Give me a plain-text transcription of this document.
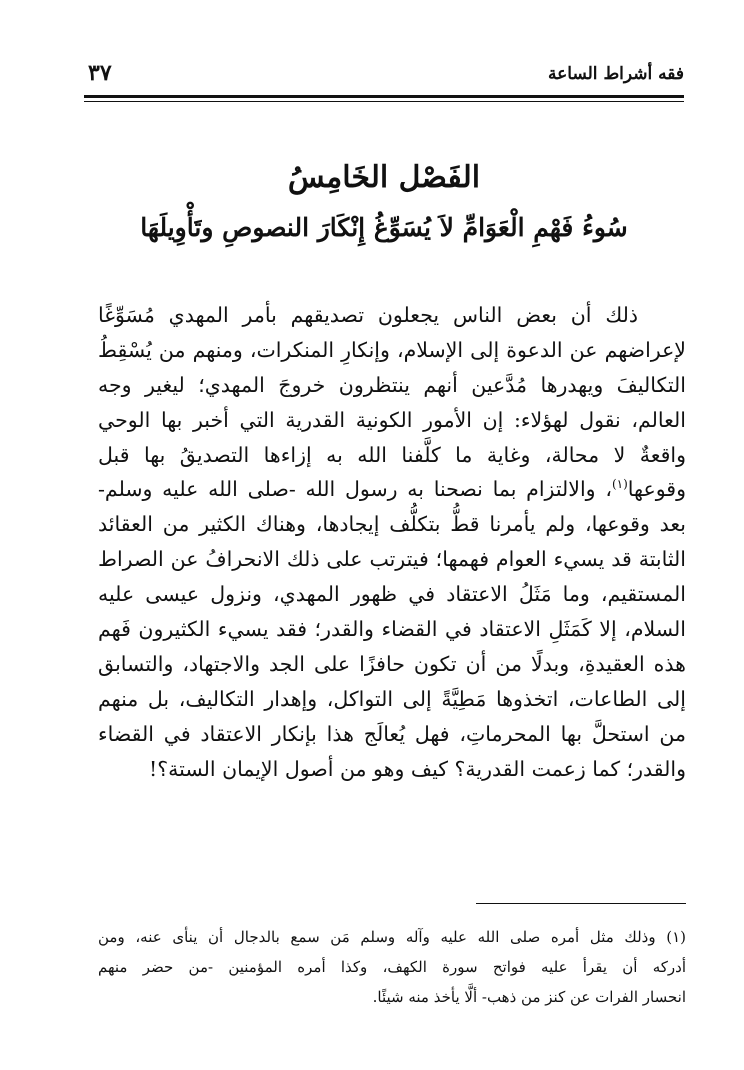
فقه أشراط الساعة
٣٧
الفَصْل الخَامِسُ
سُوءُ فَهْمِ الْعَوَامِّ لاَ يُسَوِّغُ إِنْكَارَ النصوصِ وتَأْوِيلَهَا
ذلك أن بعض الناس يجعلون تصديقهم بأمر المهدي مُسَوِّغًا
لإعراضهم عن الدعوة إلى الإسلام، وإنكارِ المنكرات، ومنهم من يُسْقِطُ
التكاليفَ ويهدرها مُدَّعين أنهم ينتظرون خروجَ المهدي؛ ليغير وجه
العالم، نقول لهؤلاء: إن الأمور الكونية القدرية التي أخبر بها الوحي
واقعةٌ لا محالة، وغاية ما كلَّفنا الله به إزاءها التصديقُ بها قبل
وقوعها$^{(١)}$، والالتزام بما نصحنا به رسول الله -صلى الله عليه وسلم-
بعد وقوعها، ولم يأمرنا قطُّ بتكلُّف إيجادها، وهناك الكثير من العقائد
الثابتة قد يسيء العوام فهمها؛ فيترتب على ذلك الانحرافُ عن الصراط
المستقيم، وما مَثَلُ الاعتقاد في ظهور المهدي، ونزول عيسى عليه
السلام، إلا كَمَثَلِ الاعتقاد في القضاء والقدر؛ فقد يسيء الكثيرون فَهم
هذه العقيدةِ، وبدلًا من أن تكون حافزًا على الجد والاجتهاد، والتسابق
إلى الطاعات، اتخذوها مَطِيَّةً إلى التواكل، وإهدار التكاليف، بل منهم
من استحلَّ بها المحرماتِ، فهل يُعالَج هذا بإنكار الاعتقاد في القضاء
والقدر؛ كما زعمت القدرية؟ كيف وهو من أصول الإيمان الستة؟!
(١) وذلك مثل أمره صلى الله عليه وآله وسلم مَن سمع بالدجال أن ينأى عنه، ومن
أدركه أن يقرأ عليه فواتح سورة الكهف، وكذا أمره المؤمنين -من حضر منهم
انحسار الفرات عن كنز من ذهب- ألَّا يأخذ منه شيئًا.
